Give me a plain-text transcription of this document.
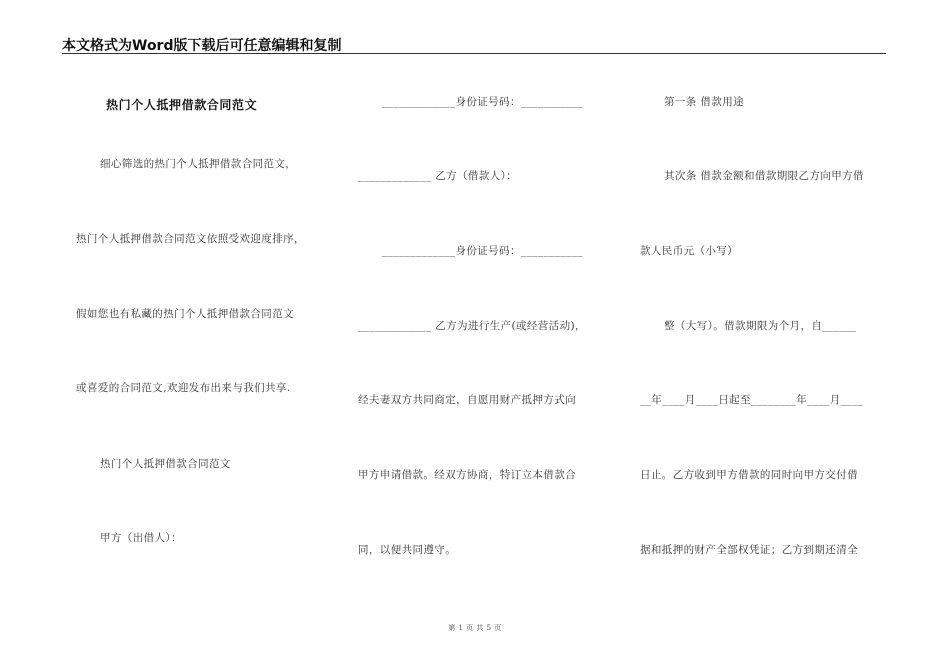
本文格式为Word版下载后可任意编辑和复制
热门个人抵押借款合同范文
细心筛选的热门个人抵押借款合同范文，
热门个人抵押借款合同范文依照受欢迎度排序，
假如您也有私藏的热门个人抵押借款合同范文
或喜爱的合同范文,欢迎发布出来与我们共享.
热门个人抵押借款合同范文
甲方（出借人）：
_____________身份证号码：___________
_____________ 乙方（借款人）：
_____________身份证号码：___________
_____________ 乙方为进行生产(或经营活动)，
经夫妻双方共同商定，自愿用财产抵押方式向
甲方申请借款。经双方协商，特订立本借款合
同，以便共同遵守。
第一条 借款用途
其次条 借款金额和借款期限乙方向甲方借
款人民币元（小写）
整（大写）。借款期限为个月，自______
__年____月____日起至________年____月____
日止。乙方收到甲方借款的同时向甲方交付借
据和抵押的财产全部权凭证；乙方到期还清全
第 1 页 共 5 页
